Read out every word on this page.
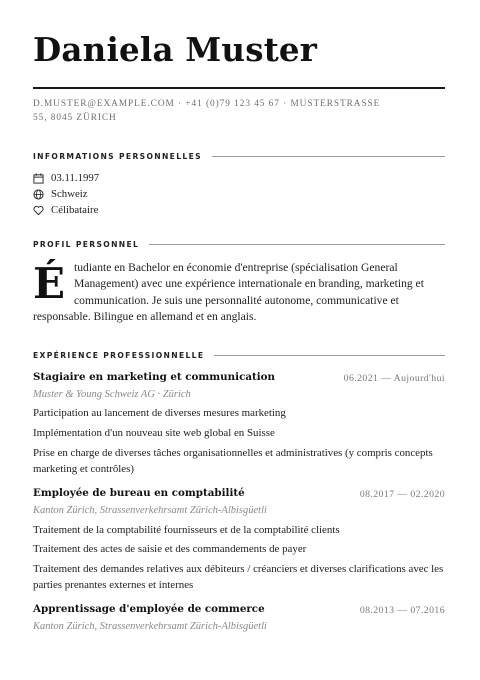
Daniela Muster
D.MUSTER@EXAMPLE.COM · +41 (0)79 123 45 67 · MUSTERSTRASSE 55, 8045 ZÜRICH
INFORMATIONS PERSONNELLES
03.11.1997
Schweiz
Célibataire
PROFIL PERSONNEL
É tudiante en Bachelor en économie d'entreprise (spécialisation General Management) avec une expérience internationale en branding, marketing et communication. Je suis une personnalité autonome, communicative et responsable. Bilingue en allemand et en anglais.
EXPÉRIENCE PROFESSIONNELLE
Stagiaire en marketing et communication	06.2021 — Aujourd'hui
Muster & Young Schweiz AG · Zürich
Participation au lancement de diverses mesures marketing
Implémentation d'un nouveau site web global en Suisse
Prise en charge de diverses tâches organisationnelles et administratives (y compris concepts marketing et contrôles)
Employée de bureau en comptabilité	08.2017 — 02.2020
Kanton Zürich, Strassenverkehrsamt Zürich-Albisgüetli
Traitement de la comptabilité fournisseurs et de la comptabilité clients
Traitement des actes de saisie et des commandements de payer
Traitement des demandes relatives aux débiteurs / créanciers et diverses clarifications avec les parties prenantes externes et internes
Apprentissage d'employée de commerce	08.2013 — 07.2016
Kanton Zürich, Strassenverkehrsamt Zürich-Albisgüetli
